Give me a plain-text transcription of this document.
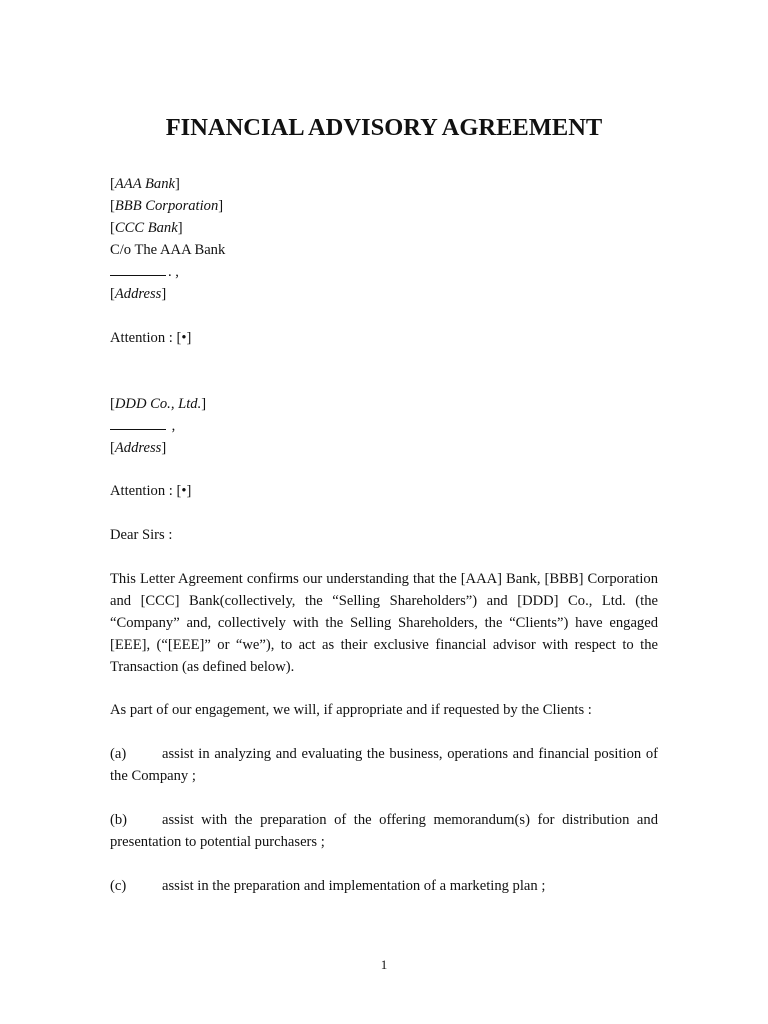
FINANCIAL ADVISORY AGREEMENT
[AAA Bank]
[BBB Corporation]
[CCC Bank]
C/o The AAA Bank
. ,
[Address]
Attention : [•]
[DDD Co., Ltd.]
,
[Address]
Attention : [•]
Dear Sirs :
This Letter Agreement confirms our understanding that the [AAA] Bank, [BBB] Corporation and [CCC] Bank(collectively, the “Selling Shareholders”) and [DDD] Co., Ltd. (the “Company” and, collectively with the Selling Shareholders, the “Clients”) have engaged [EEE], (“[EEE]” or “we”), to act as their exclusive financial advisor with respect to the Transaction (as defined below).
As part of our engagement, we will, if appropriate and if requested by the Clients :
(a) assist in analyzing and evaluating the business, operations and financial position of the Company ;
(b) assist with the preparation of the offering memorandum(s) for distribution and presentation to potential purchasers ;
(c) assist in the preparation and implementation of a marketing plan ;
1
